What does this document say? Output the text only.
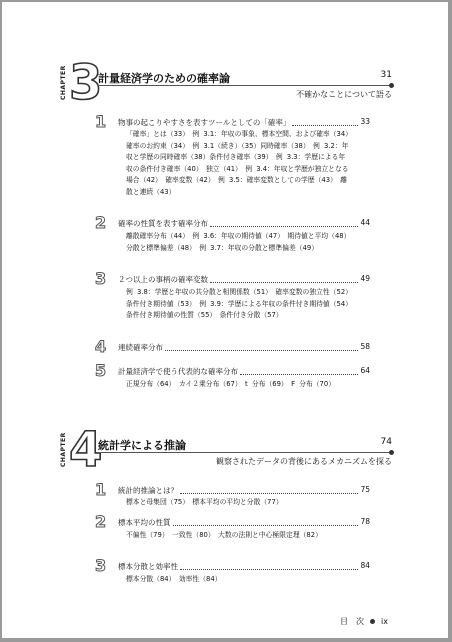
CHAPTER 3
計量経済学のための確率論	31
不確かなことについて語る
1 物事の起こりやすさを表すツールとしての「確率」	33
「確率」とは（33）　例 3.1：年収の事象、標本空間、および確率（34）　確率のお約束（34）　例 3.1（続き）（35）同時確率（38）　例 3.2：年収と学歴の同時確率（38）条件付き確率（39）　例 3.3：学歴による年収の条件付き確率（40）　独立（41）　例 3.4：年収と学歴が独立となる場合（42）　確率変数（42）　例 3.5：確率変数としての学歴（43）　離散と連続（43）
2 確率の性質を表す確率分布	44
離散確率分布（44）　例 3.6：年収の期待値（47）　期待値と平均（48）　分散と標準偏差（48）　例 3.7：年収の分散と標準偏差（49）
3 ２つ以上の事柄の確率変数	49
例 3.8：学歴と年収の共分散と相関係数（51）　確率変数の独立性（52）　条件付き期待値（53）　例 3.9：学歴による年収の条件付き期待値（54）　条件付き期待値の性質（55）　条件付き分散（57）
4 連続確率分布	58
5 計量経済学で使う代表的な確率分布	64
正規分布（64）　カイ２乗分布（67）　t 分布（69）　F 分布（70）
CHAPTER 4
統計学による推論	74
観察されたデータの背後にあるメカニズムを探る
1 統計的推論とは？	75
標本と母集団（75）　標本平均の平均と分散（77）
2 標本平均の性質	78
不偏性（79）　一致性（80）　大数の法則と中心極限定理（82）
3 標本分散と効率性	84
標本分散（84）　効率性（84）
目　次 ix
